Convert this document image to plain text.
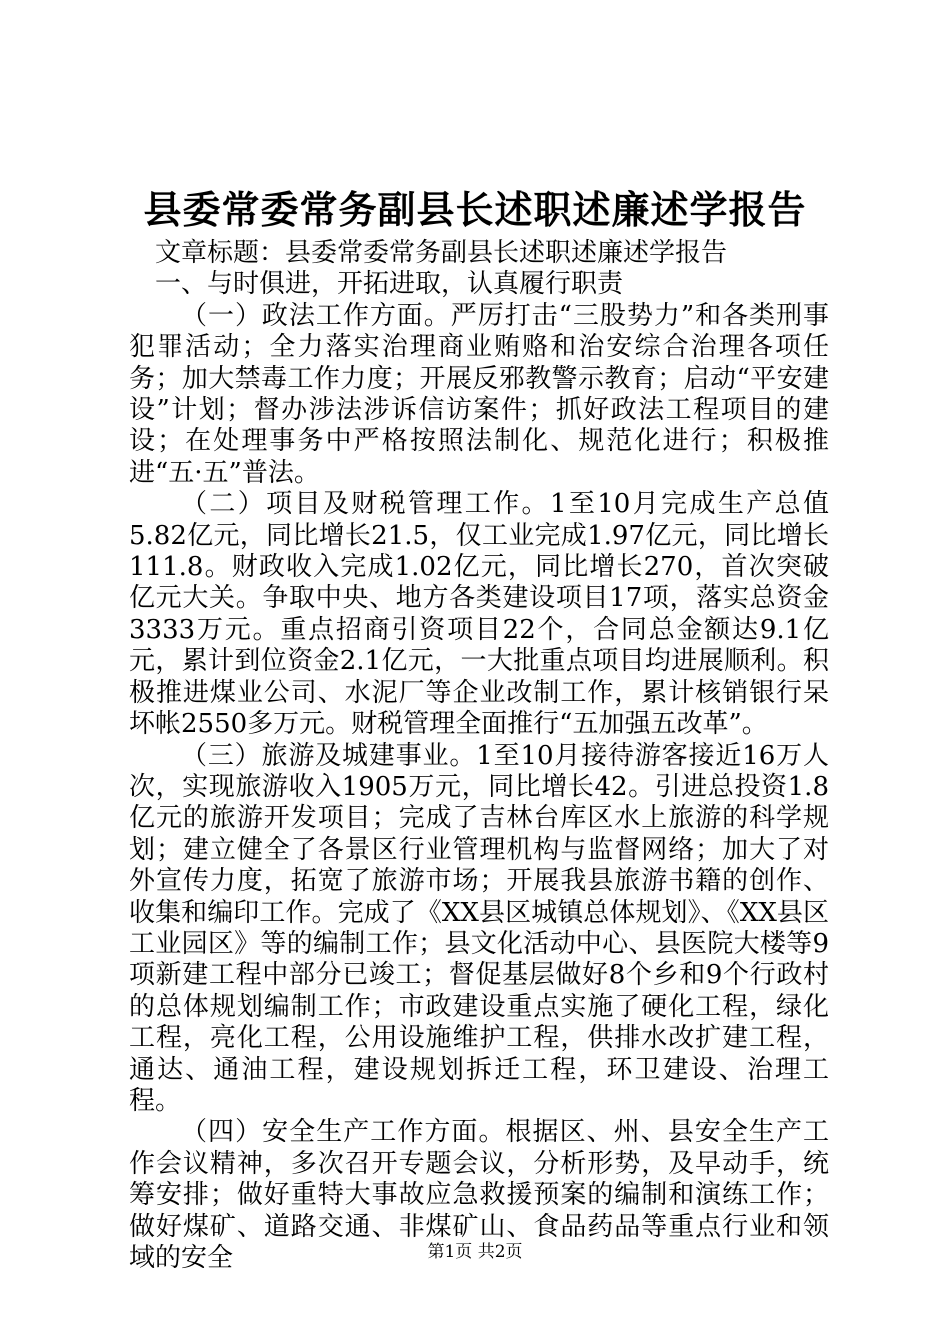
县委常委常务副县长述职述廉述学报告

文章标题：县委常委常务副县长述职述廉述学报告

一、与时俱进，开拓进取，认真履行职责

（一）政法工作方面。严厉打击“三股势力”和各类刑事犯罪活动；全力落实治理商业贿赂和治安综合治理各项任务；加大禁毒工作力度；开展反邪教警示教育；启动“平安建设”计划；督办涉法涉诉信访案件；抓好政法工程项目的建设；在处理事务中严格按照法制化、规范化进行；积极推进“五·五”普法。

（二）项目及财税管理工作。1至10月完成生产总值5.82亿元，同比增长21.5，仅工业完成1.97亿元，同比增长111.8。财政收入完成1.02亿元，同比增长270，首次突破亿元大关。争取中央、地方各类建设项目17项，落实总资金3333万元。重点招商引资项目22个，合同总金额达9.1亿元，累计到位资金2.1亿元，一大批重点项目均进展顺利。积极推进煤业公司、水泥厂等企业改制工作，累计核销银行呆坏帐2550多万元。财税管理全面推行“五加强五改革”。

（三）旅游及城建事业。1至10月接待游客接近16万人次，实现旅游收入1905万元，同比增长42。引进总投资1.8亿元的旅游开发项目；完成了吉林台库区水上旅游的科学规划；建立健全了各景区行业管理机构与监督网络；加大了对外宣传力度，拓宽了旅游市场；开展我县旅游书籍的创作、收集和编印工作。完成了《XX县区城镇总体规划》、《XX县区工业园区》等的编制工作；县文化活动中心、县医院大楼等9项新建工程中部分已竣工；督促基层做好8个乡和9个行政村的总体规划编制工作；市政建设重点实施了硬化工程，绿化工程，亮化工程，公用设施维护工程，供排水改扩建工程，通达、通油工程，建设规划拆迁工程，环卫建设、治理工程。

（四）安全生产工作方面。根据区、州、县安全生产工作会议精神，多次召开专题会议，分析形势，及早动手，统筹安排；做好重特大事故应急救援预案的编制和演练工作；做好煤矿、道路交通、非煤矿山、食品药品等重点行业和领域的安全	第1页 共2页
